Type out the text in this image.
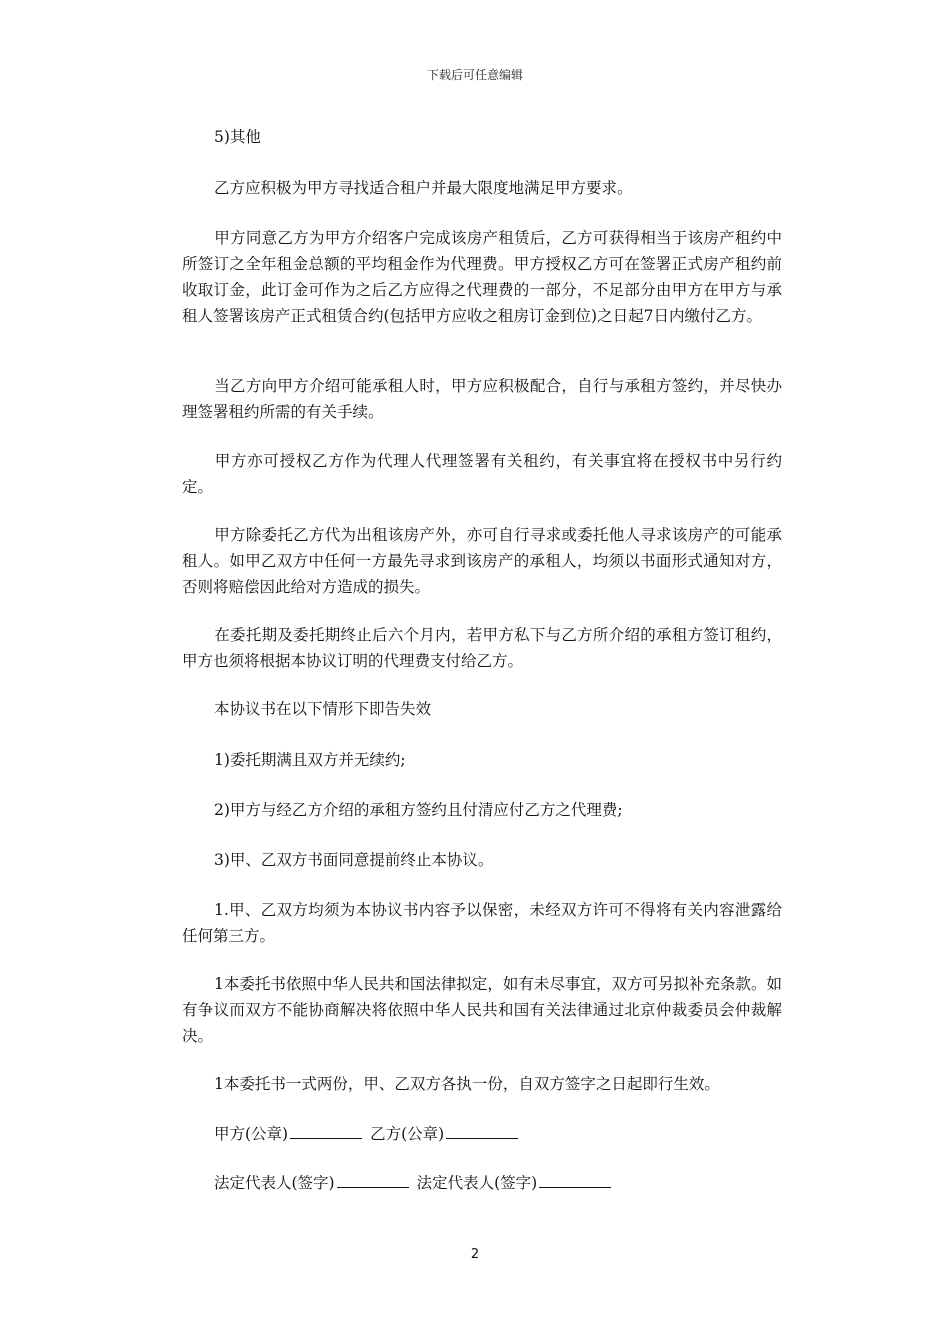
下载后可任意编辑
5)其他
乙方应积极为甲方寻找适合租户并最大限度地满足甲方要求。
甲方同意乙方为甲方介绍客户完成该房产租赁后，乙方可获得相当于该房产租约中所签订之全年租金总额的平均租金作为代理费。甲方授权乙方可在签署正式房产租约前收取订金，此订金可作为之后乙方应得之代理费的一部分，不足部分由甲方在甲方与承租人签署该房产正式租赁合约(包括甲方应收之租房订金到位)之日起7日内缴付乙方。
当乙方向甲方介绍可能承租人时，甲方应积极配合，自行与承租方签约，并尽快办理签署租约所需的有关手续。
甲方亦可授权乙方作为代理人代理签署有关租约，有关事宜将在授权书中另行约定。
甲方除委托乙方代为出租该房产外，亦可自行寻求或委托他人寻求该房产的可能承租人。如甲乙双方中任何一方最先寻求到该房产的承租人，均须以书面形式通知对方，否则将赔偿因此给对方造成的损失。
在委托期及委托期终止后六个月内，若甲方私下与乙方所介绍的承租方签订租约，甲方也须将根据本协议订明的代理费支付给乙方。
本协议书在以下情形下即告失效
1)委托期满且双方并无续约;
2)甲方与经乙方介绍的承租方签约且付清应付乙方之代理费;
3)甲、乙双方书面同意提前终止本协议。
1.甲、乙双方均须为本协议书内容予以保密，未经双方许可不得将有关内容泄露给任何第三方。
1本委托书依照中华人民共和国法律拟定，如有未尽事宜，双方可另拟补充条款。如有争议而双方不能协商解决将依照中华人民共和国有关法律通过北京仲裁委员会仲裁解决。
1本委托书一式两份，甲、乙双方各执一份，自双方签字之日起即行生效。
甲方(公章)	乙方(公章)
法定代表人(签字)	法定代表人(签字)
2
